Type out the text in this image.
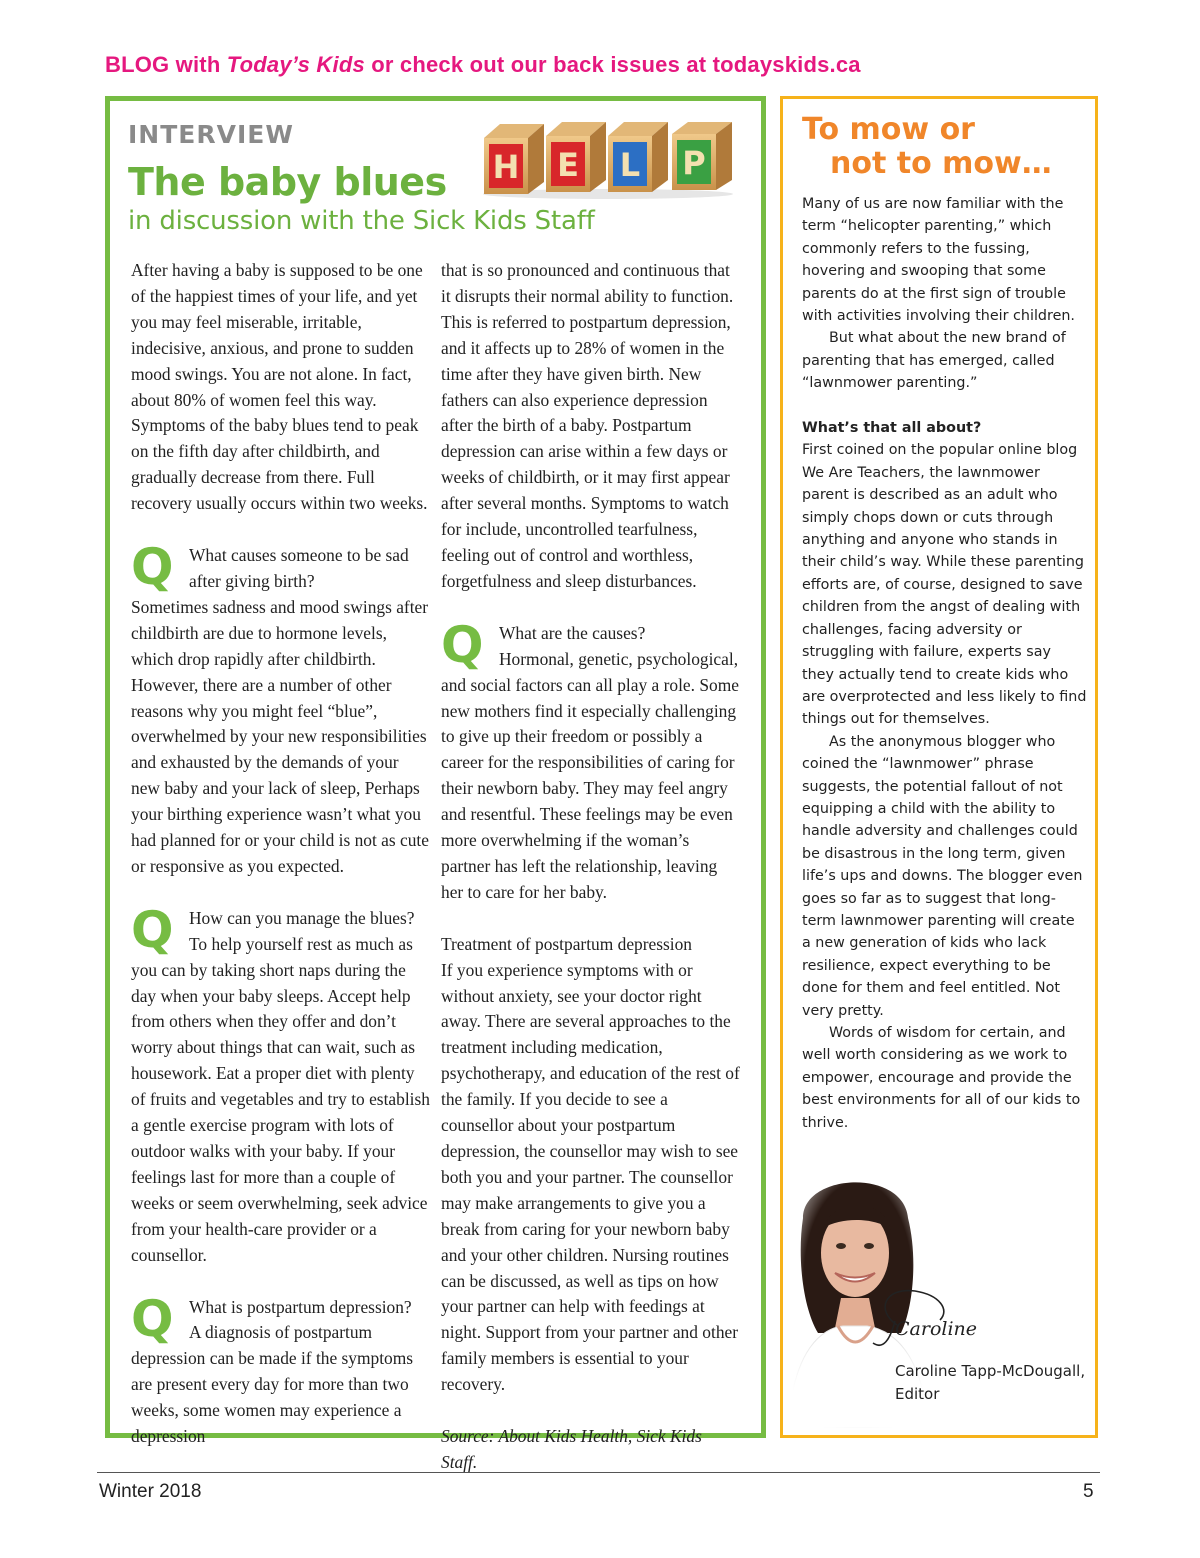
BLOG with Today’s Kids or check out our back issues at todayskids.ca
INTERVIEW
The baby blues
in discussion with the Sick Kids Staff
H E L P

After having a baby is supposed to be one of the happiest times of your life, and yet you may feel miserable, irritable, indecisive, anxious, and prone to sudden mood swings. You are not alone. In fact, about 80% of women feel this way. Symptoms of the baby blues tend to peak on the fifth day after childbirth, and gradually decrease from there. Full recovery usually occurs within two weeks.

Q What causes someone to be sad after giving birth?
Sometimes sadness and mood swings after childbirth are due to hormone levels, which drop rapidly after childbirth. However, there are a number of other reasons why you might feel “blue”, overwhelmed by your new responsibilities and exhausted by the demands of your new baby and your lack of sleep, Perhaps your birthing experience wasn’t what you had planned for or your child is not as cute or responsive as you expected.
Q How can you manage the blues?
To help yourself rest as much as you can by taking short naps during the day when your baby sleeps. Accept help from others when they offer and don’t worry about things that can wait, such as housework. Eat a proper diet with plenty of fruits and vegetables and try to establish a gentle exercise program with lots of outdoor walks with your baby. If your feelings last for more than a couple of weeks or seem overwhelming, seek advice from your health-care provider or a counsellor.
Q What is postpartum depression?
A diagnosis of postpartum depression can be made if the symptoms are present every day for more than two weeks, some women may experience a depression

that is so pronounced and continuous that it disrupts their normal ability to function. This is referred to postpartum depression, and it affects up to 28% of women in the time after they have given birth. New fathers can also experience depression after the birth of a baby. Postpartum depression can arise within a few days or weeks of childbirth, or it may first appear after several months. Symptoms to watch for include, uncontrolled tearfulness, feeling out of control and worthless, forgetfulness and sleep disturbances.

Q What are the causes?
Hormonal, genetic, psychological, and social factors can all play a role. Some new mothers find it especially challenging to give up their freedom or possibly a career for the responsibilities of caring for their newborn baby. They may feel angry and resentful. These feelings may be even more overwhelming if the woman’s partner has left the relationship, leaving her to care for her baby.
Treatment of postpartum depression

If you experience symptoms with or without anxiety, see your doctor right away. There are several approaches to the treatment including medication, psychotherapy, and education of the rest of the family. If you decide to see a counsellor about your postpartum depression, the counsellor may wish to see both you and your partner. The counsellor may make arrangements to give you a break from caring for your newborn baby and your other children. Nursing routines can be discussed, as well as tips on how your partner can help with feedings at night. Support from your partner and other family members is essential to your recovery.

Source: About Kids Health, Sick Kids Staff.

To mow or
not to mow…

Many of us are now familiar with the term “helicopter parenting,” which commonly refers to the fussing, hovering and swooping that some parents do at the first sign of trouble with activities involving their children.

But what about the new brand of parenting that has emerged, called “lawnmower parenting.”

What’s that all about?

First coined on the popular online blog We Are Teachers, the lawnmower parent is described as an adult who simply chops down or cuts through anything and anyone who stands in their child’s way. While these parenting efforts are, of course, designed to save children from the angst of dealing with challenges, facing adversity or struggling with failure, experts say they actually tend to create kids who are overprotected and less likely to find things out for themselves.

As the anonymous blogger who coined the “lawnmower” phrase suggests, the potential fallout of not equipping a child with the ability to handle adversity and challenges could be disastrous in the long term, given life’s ups and downs. The blogger even goes so far as to suggest that long-term lawnmower parenting will create a new generation of kids who lack resilience, expect everything to be done for them and feel entitled. Not very pretty.

Words of wisdom for certain, and well worth considering as we work to empower, encourage and provide the best environments for all of our kids to thrive.

Caroline
Caroline Tapp-McDougall,
Editor
Winter 2018	5
